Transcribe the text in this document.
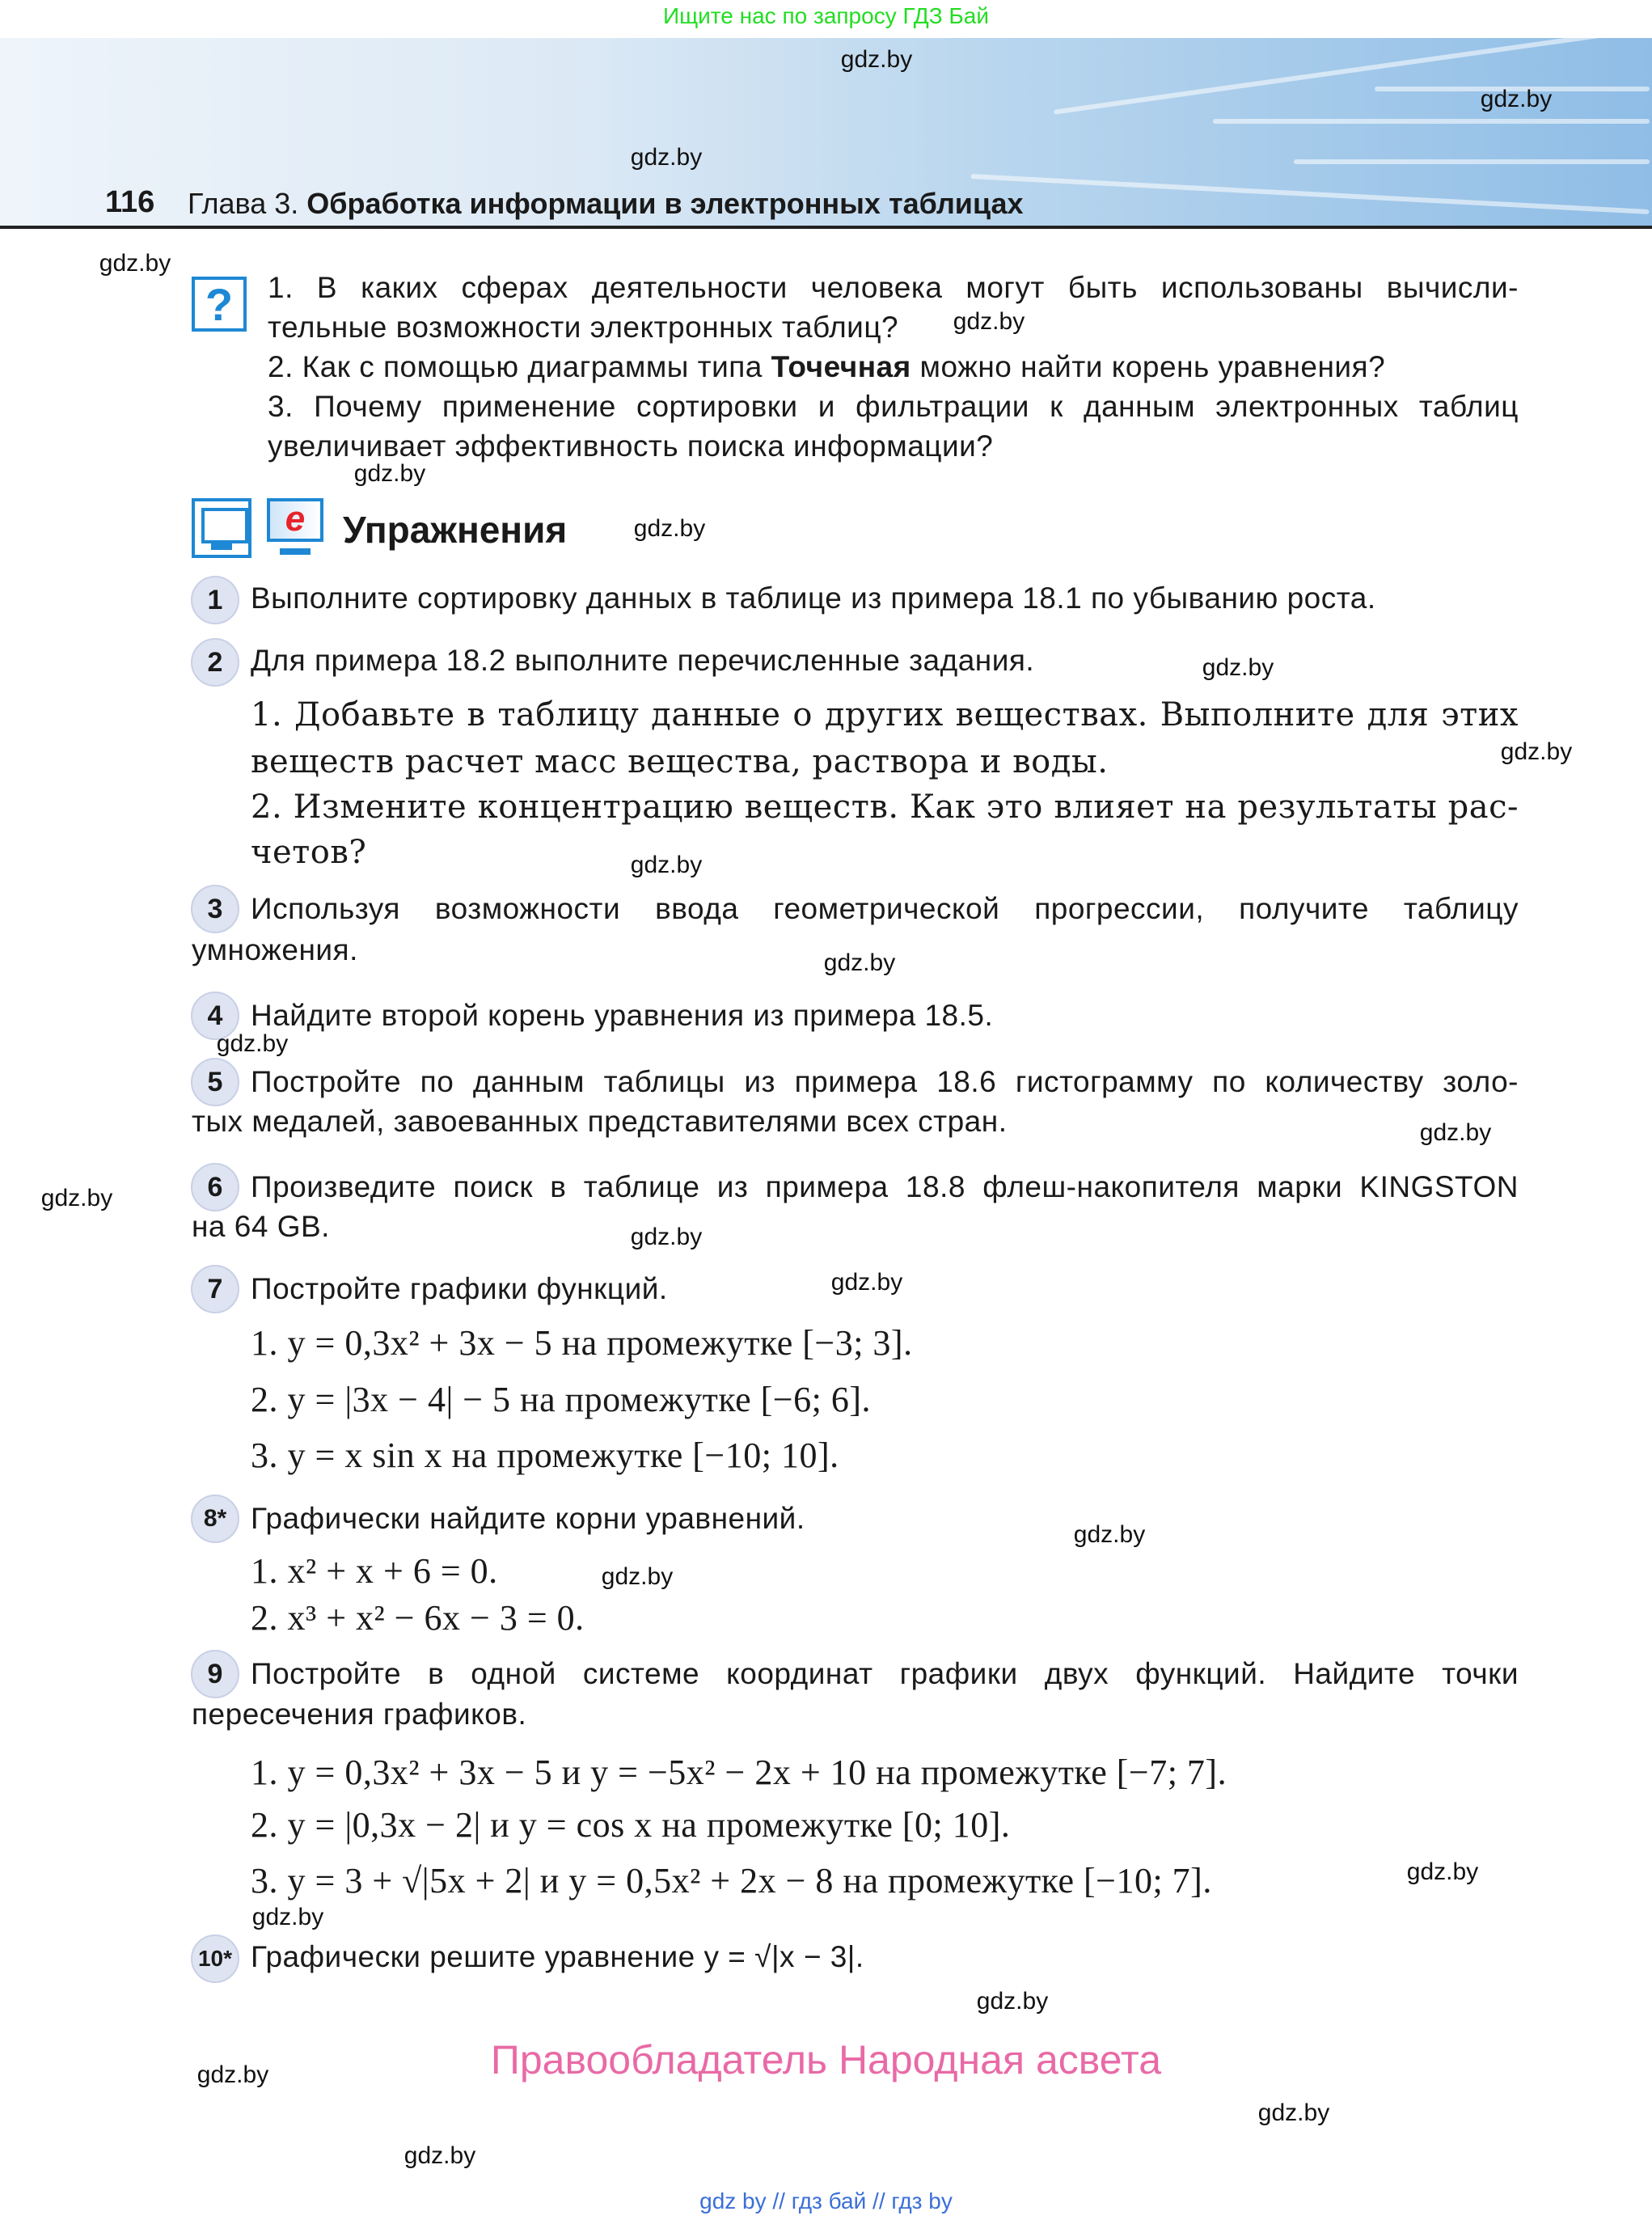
Ищите нас по запросу ГДЗ Бай
116 Глава 3. Обработка информации в электронных таблицах
?	1. В каких сферах деятельности человека могут быть использованы вычисли-
тельные возможности электронных таблиц?
2. Как с помощью диаграммы типа Точечная можно найти корень уравнения?
3. Почему применение сортировки и фильтрации к данным электронных таблиц
увеличивает эффективность поиска информации?
e	Упражнения
1 Выполните сортировку данных в таблице из примера 18.1 по убыванию роста.
2 Для примера 18.2 выполните перечисленные задания.
1. Добавьте в таблицу данные о других веществах. Выполните для этих
веществ расчет масс вещества, раствора и воды.
2. Измените концентрацию веществ. Как это влияет на результаты рас-
четов?
3 Используя возможности ввода геометрической прогрессии, получите таблицу
умножения.
4 Найдите второй корень уравнения из примера 18.5.
5 Постройте по данным таблицы из примера 18.6 гистограмму по количеству золо-
тых медалей, завоеванных представителями всех стран.
6 Произведите поиск в таблице из примера 18.8 флеш-накопителя марки KINGSTON
на 64 GB.
7 Постройте графики функций.
1. y = 0,3x² + 3x − 5 на промежутке [−3; 3].
2. y = |3x − 4| − 5 на промежутке [−6; 6].
3. y = x sin x на промежутке [−10; 10].
8* Графически найдите корни уравнений.
1. x² + x + 6 = 0.
2. x³ + x² − 6x − 3 = 0.
9 Постройте в одной системе координат графики двух функций. Найдите точки
пересечения графиков.
1. y = 0,3x² + 3x − 5 и y = −5x² − 2x + 10 на промежутке [−7; 7].
2. y = |0,3x − 2| и y = cos x на промежутке [0; 10].
3. y = 3 + √|5x + 2| и y = 0,5x² + 2x − 8 на промежутке [−10; 7].
10* Графически решите уравнение y = √|x − 3|.
Правообладатель Народная асвета
gdz by // гдз бай // гдз by
gdz.by
gdz.by
gdz.by
gdz.by
gdz.by
gdz.by
gdz.by
gdz.by
gdz.by
gdz.by
gdz.by
gdz.by
gdz.by
gdz.by
gdz.by
gdz.by
gdz.by
gdz.by
gdz.by
gdz.by
gdz.by
gdz.by
gdz.by
gdz.by
